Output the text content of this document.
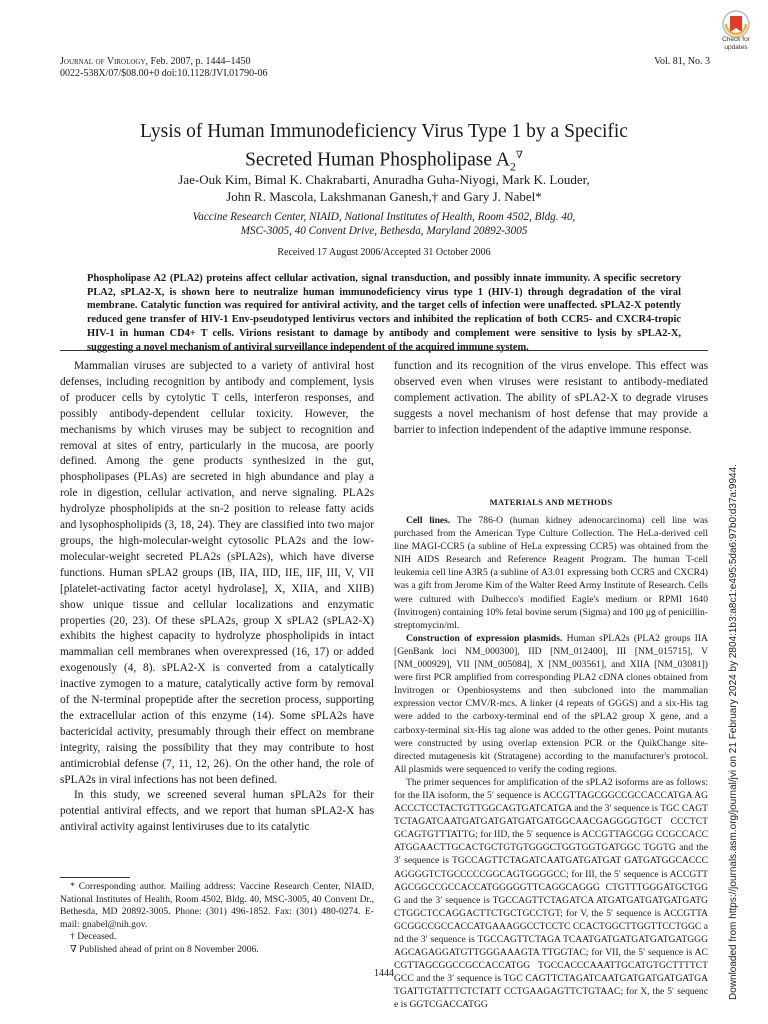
Journal of Virology, Feb. 2007, p. 1444–1450
0022-538X/07/$08.00+0 doi:10.1128/JVI.01790-06
Vol. 81, No. 3
Check for
updates
Lysis of Human Immunodeficiency Virus Type 1 by a Specific
Secreted Human Phospholipase $A_2^\nabla$
Jae-Ouk Kim, Bimal K. Chakrabarti, Anuradha Guha-Niyogi, Mark K. Louder,
John R. Mascola, Lakshmanan Ganesh,† and Gary J. Nabel*
Vaccine Research Center, NIAID, National Institutes of Health, Room 4502, Bldg. 40,
MSC-3005, 40 Convent Drive, Bethesda, Maryland 20892-3005
Received 17 August 2006/Accepted 31 October 2006
Phospholipase A2 (PLA2) proteins affect cellular activation, signal transduction, and possibly innate immunity. A specific secretory PLA2, sPLA2-X, is shown here to neutralize human immunodeficiency virus type 1 (HIV-1) through degradation of the viral membrane. Catalytic function was required for antiviral activity, and the target cells of infection were unaffected. sPLA2-X potently reduced gene transfer of HIV-1 Env-pseudotyped lentivirus vectors and inhibited the replication of both CCR5- and CXCR4-tropic HIV-1 in human CD4+ T cells. Virions resistant to damage by antibody and complement were sensitive to lysis by sPLA2-X, suggesting a novel mechanism of antiviral surveillance independent of the acquired immune system.

Mammalian viruses are subjected to a variety of antiviral host defenses, including recognition by antibody and complement, lysis of producer cells by cytolytic T cells, interferon responses, and possibly antibody-dependent cellular toxicity. However, the mechanisms by which viruses may be subject to recognition and removal at sites of entry, particularly in the mucosa, are poorly defined. Among the gene products synthesized in the gut, phospholipases (PLAs) are secreted in high abundance and play a role in digestion, cellular activation, and nerve signaling. PLA2s hydrolyze phospholipids at the sn-2 position to release fatty acids and lysophospholipids (3, 18, 24). They are classified into two major groups, the high-molecular-weight cytosolic PLA2s and the low-molecular-weight secreted PLA2s (sPLA2s), which have diverse functions. Human sPLA2 groups (IB, IIA, IID, IIE, IIF, III, V, VII [platelet-activating factor acetyl hydrolase], X, XIIA, and XIIB) show unique tissue and cellular localizations and enzymatic properties (20, 23). Of these sPLA2s, group X sPLA2 (sPLA2-X) exhibits the highest capacity to hydrolyze phospholipids in intact mammalian cell membranes when overexpressed (16, 17) or added exogenously (4, 8). sPLA2-X is converted from a catalytically inactive zymogen to a mature, catalytically active form by removal of the N-terminal propeptide after the secretion process, supporting the extracellular action of this enzyme (14). Some sPLA2s have bactericidal activity, presumably through their effect on membrane integrity, raising the possibility that they may contribute to host antimicrobial defense (7, 11, 12, 26). On the other hand, the role of sPLA2s in viral infections has not been defined.

In this study, we screened several human sPLA2s for their potential antiviral effects, and we report that human sPLA2-X has antiviral activity against lentiviruses due to its catalytic

* Corresponding author. Mailing address: Vaccine Research Center, NIAID, National Institutes of Health, Room 4502, Bldg. 40, MSC-3005, 40 Convent Dr., Bethesda, MD 20892-3005. Phone: (301) 496-1852. Fax: (301) 480-0274. E-mail: gnabel@nih.gov.

† Deceased.

∇ Published ahead of print on 8 November 2006.

function and its recognition of the virus envelope. This effect was observed even when viruses were resistant to antibody-mediated complement activation. The ability of sPLA2-X to degrade viruses suggests a novel mechanism of host defense that may provide a barrier to infection independent of the adaptive immune response.

MATERIALS AND METHODS

Cell lines. The 786-O (human kidney adenocarcinoma) cell line was purchased from the American Type Culture Collection. The HeLa-derived cell line MAGI-CCR5 (a subline of HeLa expressing CCR5) was obtained from the NIH AIDS Research and Reference Reagent Program. The human T-cell leukemia cell line A3R5 (a subline of A3.01 expressing both CCR5 and CXCR4) was a gift from Jerome Kim of the Walter Reed Army Institute of Research. Cells were cultured with Dulbecco's modified Eagle's medium or RPMI 1640 (Invitrogen) containing 10% fetal bovine serum (Sigma) and 100 μg of penicillin-streptomycin/ml.

Construction of expression plasmids. Human sPLA2s (PLA2 groups IIA [GenBank loci NM_000300], IID [NM_012400], III [NM_015715], V [NM_000929], VII [NM_005084], X [NM_003561], and XIIA [NM_03081]) were first PCR amplified from corresponding PLA2 cDNA clones obtained from Invitrogen or Openbiosystems and then subcloned into the mammalian expression vector CMV/R-mcs. A linker (4 repeats of GGGS) and a six-His tag were added to the carboxy-terminal end of the sPLA2 group X gene, and a carboxy-terminal six-His tag alone was added to the other genes. Point mutants were constructed by using overlap extension PCR or the QuikChange site-directed mutagenesis kit (Stratagene) according to the manufacturer's protocol. All plasmids were sequenced to verify the coding regions.

The primer sequences for amplification of the sPLA2 isoforms are as follows: for the IIA isoform, the 5′ sequence is ACCGTTAGCGGCCGCCACCATGA AGACCCTCCTACTGTTGGCAGTGATCATGA and the 3′ sequence is TGC CAGTTCTAGATCAATGATGATGATGATGATGGCAACGAGGGGTGCT CCCTCTGCAGTGTTTATTG; for IID, the 5′ sequence is ACCGTTAGCGG CCGCCACCATGGAACTTGCACTGCTGTGTGGGCTGGTGGTGATGGC TGGTG and the 3′ sequence is TGCCAGTTCTAGATCAATGATGATGAT GATGATGGCACCCAGGGGTCTGCCCCCGGCAGTGGGGCC; for III, the 5′ sequence is ACCGTTAGCGGCCGCCACCATGGGGGTTCAGGCAGGG CTGTTTGGGATGCTGGG and the 3′ sequence is TGCCAGTTCTAGATCA ATGATGATGATGATGATGCTGGCTCCAGGACTTCTGCTGCCTGT; for V, the 5′ sequence is ACCGTTAGCGGCCGCCACCATGAAAGGCCTCCTC CCACTGGCTTGGTTCCTGGC and the 3′ sequence is TGCCAGTTCTAGA TCAATGATGATGATGATGATGGGAGCAGAGGATGTTGGGAAAGTA TTGGTAC; for VII, the 5′ sequence is ACCGTTAGCGGCCGCCACCATGG TGCCACCCAAATTGCATGTGCTTTTCTGCC and the 3′ sequence is TGC CAGTTCTAGATCAATGATGATGATGATGATGATTGTATTTCTCTATT CCTGAAGAGTTCTGTAAC; for X, the 5′ sequence is GGTCGACCATGG

1444	Downloaded from https://journals.asm.org/journal/jvi on 21 February 2024 by 2804:1b3:a8c1:e495:5da6:97b0:d37a:9944.
